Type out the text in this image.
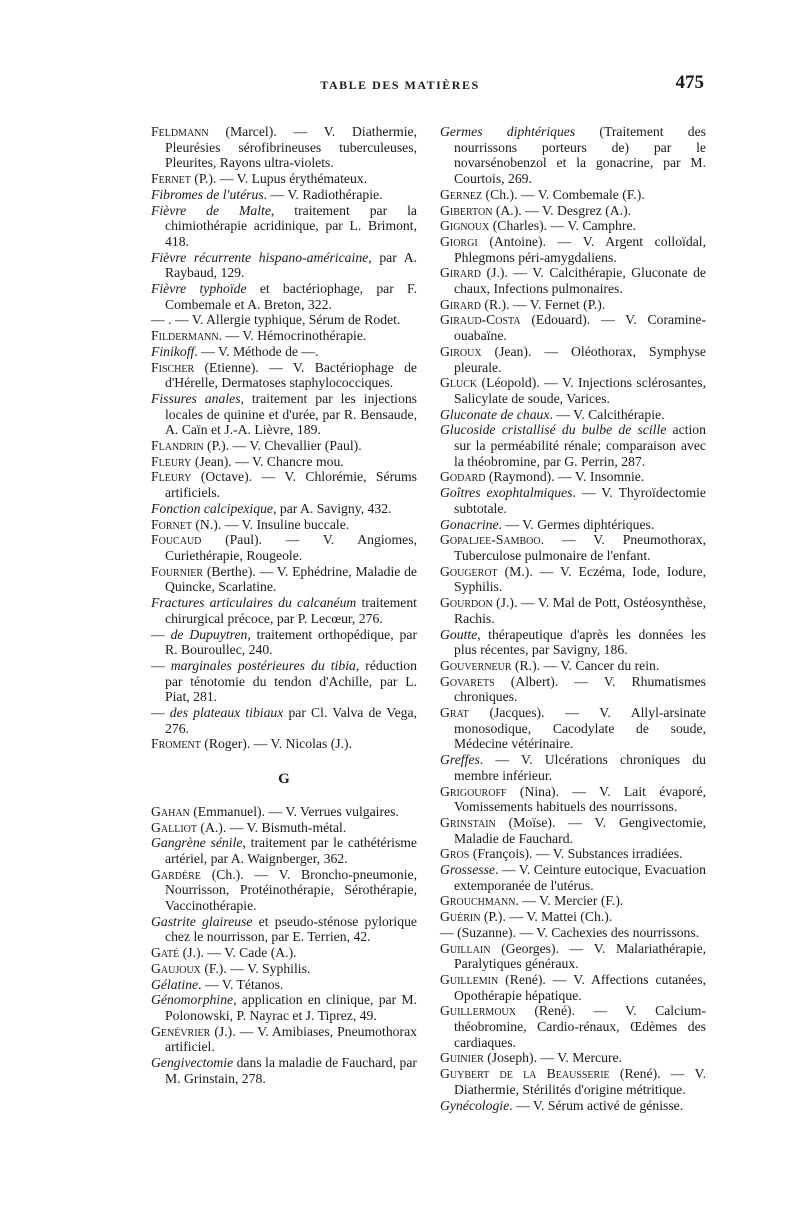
TABLE DES MATIÈRES	475

Feldmann (Marcel). — V. Diathermie, Pleurésies sérofibrineuses tuberculeuses, Pleurites, Rayons ultra-violets.

Fernet (P.). — V. Lupus érythémateux.

Fibromes de l'utérus. — V. Radiothérapie.

Fièvre de Malte, traitement par la chimiothérapie acridinique, par L. Brimont, 418.

Fièvre récurrente hispano-américaine, par A. Raybaud, 129.

Fièvre typhoïde et bactériophage, par F. Combemale et A. Breton, 322.

— . — V. Allergie typhique, Sérum de Rodet.

Fildermann. — V. Hémocrinothérapie.

Finikoff. — V. Méthode de —.

Fischer (Etienne). — V. Bactériophage de d'Hérelle, Dermatoses staphylococciques.

Fissures anales, traitement par les injections locales de quinine et d'urée, par R. Bensaude, A. Caïn et J.-A. Lièvre, 189.

Flandrin (P.). — V. Chevallier (Paul).

Fleury (Jean). — V. Chancre mou.

Fleury (Octave). — V. Chlorémie, Sérums artificiels.

Fonction calcipexique, par A. Savigny, 432.

Fornet (N.). — V. Insuline buccale.

Foucaud (Paul). — V. Angiomes, Curiethérapie, Rougeole.

Fournier (Berthe). — V. Ephédrine, Maladie de Quincke, Scarlatine.

Fractures articulaires du calcanéum traitement chirurgical précoce, par P. Lecœur, 276.

— de Dupuytren, traitement orthopédique, par R. Bouroullec, 240.

— marginales postérieures du tibia, réduction par ténotomie du tendon d'Achille, par L. Piat, 281.

— des plateaux tibiaux par Cl. Valva de Vega, 276.

Froment (Roger). — V. Nicolas (J.).

G

Gahan (Emmanuel). — V. Verrues vulgaires.

Galliot (A.). — V. Bismuth-métal.

Gangrène sénile, traitement par le cathétérisme artériel, par A. Waignberger, 362.

Gardère (Ch.). — V. Broncho-pneumonie, Nourrisson, Protéinothérapie, Sérothérapie, Vaccinothérapie.

Gastrite glaireuse et pseudo-sténose pylorique chez le nourrisson, par E. Terrien, 42.

Gaté (J.). — V. Cade (A.).

Gaujoux (F.). — V. Syphilis.

Gélatine. — V. Tétanos.

Génomorphine, application en clinique, par M. Polonowski, P. Nayrac et J. Tiprez, 49.

Genévrier (J.). — V. Amibiases, Pneumothorax artificiel.

Gengivectomie dans la maladie de Fauchard, par M. Grinstain, 278.

Germes diphtériques (Traitement des nourrissons porteurs de) par le novarsénobenzol et la gonacrine, par M. Courtois, 269.

Gernez (Ch.). — V. Combemale (F.).

Giberton (A.). — V. Desgrez (A.).

Gignoux (Charles). — V. Camphre.

Giorgi (Antoine). — V. Argent colloïdal, Phlegmons péri-amygdaliens.

Girard (J.). — V. Calcithérapie, Gluconate de chaux, Infections pulmonaires.

Girard (R.). — V. Fernet (P.).

Giraud-Costa (Edouard). — V. Coramine-ouabaïne.

Giroux (Jean). — Oléothorax, Symphyse pleurale.

Gluck (Léopold). — V. Injections sclérosantes, Salicylate de soude, Varices.

Gluconate de chaux. — V. Calcithérapie.

Glucoside cristallisé du bulbe de scille action sur la perméabilité rénale; comparaison avec la théobromine, par G. Perrin, 287.

Godard (Raymond). — V. Insomnie.

Goîtres exophtalmiques. — V. Thyroïdectomie subtotale.

Gonacrine. — V. Germes diphtériques.

Gopaljee-Samboo. — V. Pneumothorax, Tuberculose pulmonaire de l'enfant.

Gougerot (M.). — V. Eczéma, Iode, Iodure, Syphilis.

Gourdon (J.). — V. Mal de Pott, Ostéosynthèse, Rachis.

Goutte, thérapeutique d'après les données les plus récentes, par Savigny, 186.

Gouverneur (R.). — V. Cancer du rein.

Govarets (Albert). — V. Rhumatismes chroniques.

Grat (Jacques). — V. Allyl-arsinate monosodique, Cacodylate de soude, Médecine vétérinaire.

Greffes. — V. Ulcérations chroniques du membre inférieur.

Grigouroff (Nina). — V. Lait évaporé, Vomissements habituels des nourrissons.

Grinstain (Moïse). — V. Gengivectomie, Maladie de Fauchard.

Gros (François). — V. Substances irradiées.

Grossesse. — V. Ceinture eutocique, Evacuation extemporanée de l'utérus.

Grouchmann. — V. Mercier (F.).

Guérin (P.). — V. Mattei (Ch.).

— (Suzanne). — V. Cachexies des nourrissons.

Guillain (Georges). — V. Malariathérapie, Paralytiques généraux.

Guillemin (René). — V. Affections cutanées, Opothérapie hépatique.

Guillermoux (René). — V. Calcium-théobromine, Cardio-rénaux, Œdèmes des cardiaques.

Guinier (Joseph). — V. Mercure.

Guybert de la Beausserie (René). — V. Diathermie, Stérilités d'origine métritique.

Gynécologie. — V. Sérum activé de génisse.
